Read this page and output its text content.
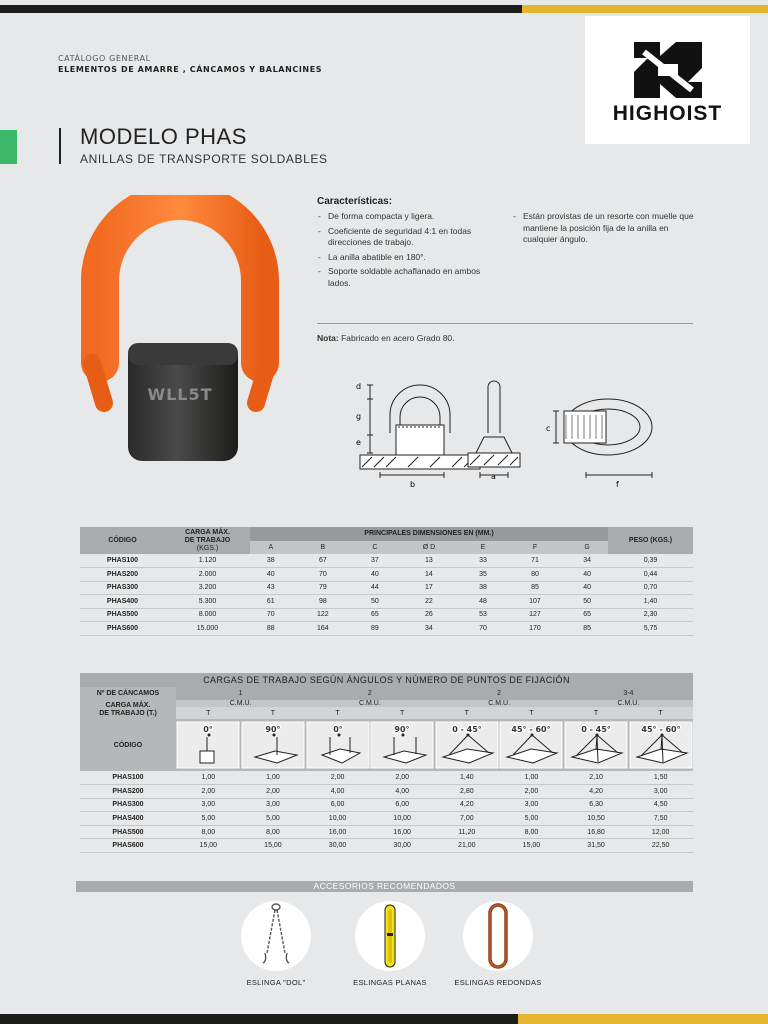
CATÁLOGO GENERAL
ELEMENTOS DE AMARRE , CÁNCAMOS Y BALANCINES
HIGHOIST
MODELO PHAS
ANILLAS DE TRANSPORTE SOLDABLES
WLL5T
Características:
- De forma compacta y ligera.
- Coeficiente de seguridad 4:1 en todas direcciones de trabajo.
- La anilla abatible en 180°.
- Soporte soldable achaflanado en ambos lados.
- Están provistas de un resorte con muelle que mantiene la posición fija de la anilla en cualquier ángulo.
Nota: Fabricado en acero Grado 80.
d
g
e
b
a
c
f
CÓDIGO	CARGA MÁX.
DE TRABAJO
(KGS.)	PRINCIPALES DIMENSIONES EN (MM.)							PESO (KGS.)
		A	B	C	Ø D	E	F	G	
PHAS100	1.120	38	67	37	13	33	71	34	0,39
PHAS200	2.000	40	70	40	14	35	80	40	0,44
PHAS300	3.200	43	79	44	17	38	85	40	0,70
PHAS400	5.300	61	98	50	22	48	107	50	1,40
PHAS500	8.000	70	122	65	26	53	127	65	2,30
PHAS600	15.000	88	164	89	34	70	170	85	5,75
CARGAS DE TRABAJO SEGÚN ÁNGULOS Y NÚMERO DE PUNTOS DE FIJACIÓN								
Nº DE CÁNCAMOS	1		2		2		3-4	

CARGA MÁX.
DE TRABAJO (T.)	C.M.U.		C.M.U.		C.M.U.		C.M.U.	
	T	T	T	T	T	T	T	T
CÓDIGO	0°	90°	0°	90°	0 - 45°	45° - 60°	0 - 45°	45° - 60°

PHAS100	1,00	1,00	2,00	2,00	1,40	1,00	2,10	1,50
PHAS200	2,00	2,00	4,00	4,00	2,80	2,00	4,20	3,00
PHAS300	3,00	3,00	6,00	6,00	4,20	3,00	6,30	4,50
PHAS400	5,00	5,00	10,00	10,00	7,00	5,00	10,50	7,50
PHAS500	8,00	8,00	16,00	16,00	11,20	8,00	16,80	12,00
PHAS600	15,00	15,00	30,00	30,00	21,00	15,00	31,50	22,50
ACCESORIOS RECOMENDADOS
ESLINGA "DOL"	ESLINGAS PLANAS	ESLINGAS REDONDAS
